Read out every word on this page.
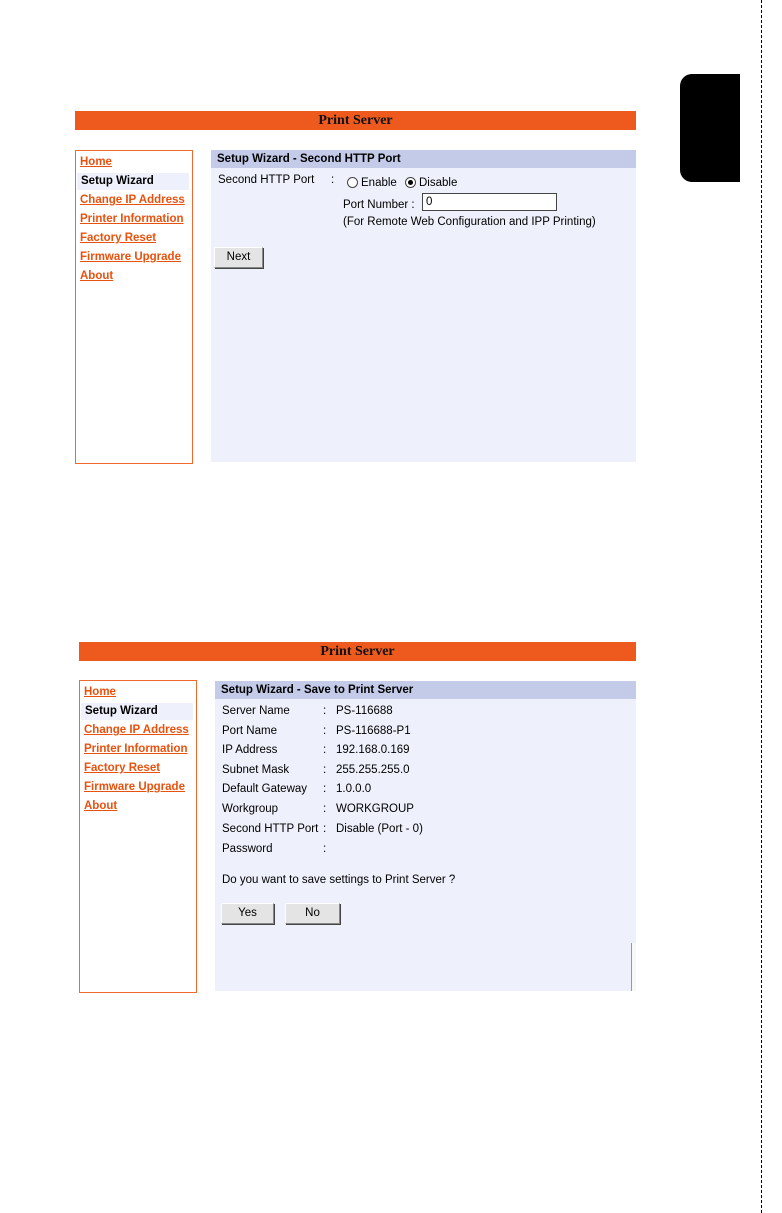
Print Server
Home
Setup Wizard
Change IP Address
Printer Information
Factory Reset
Firmware Upgrade
About
Setup Wizard - Second HTTP Port
Second HTTP Port : Enable Disable
Port Number :
0
(For Remote Web Configuration and IPP Printing)
Next
Print Server
Home
Setup Wizard
Change IP Address
Printer Information
Factory Reset
Firmware Upgrade
About
Setup Wizard - Save to Print Server
Server Name	: PS-116688
Port Name	: PS-116688-P1
IP Address	: 192.168.0.169
Subnet Mask	: 255.255.255.0
Default Gateway : 1.0.0.0
Workgroup	: WORKGROUP
Second HTTP Port : Disable (Port - 0)
Password	:
Do you want to save settings to Print Server ?
Yes	No
